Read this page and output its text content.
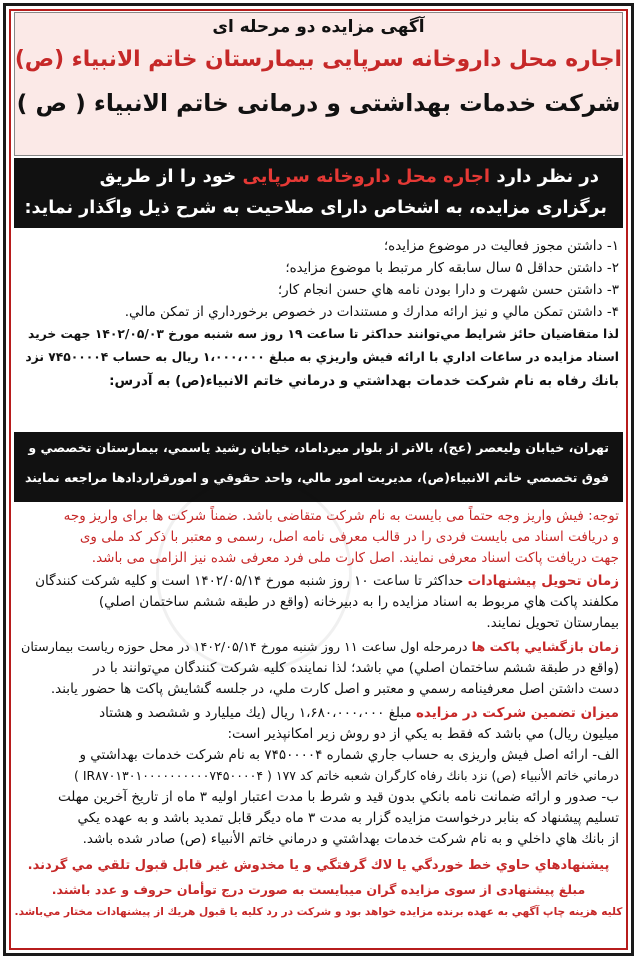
آگهی مزایده دو مرحله ای
اجاره محل داروخانه سرپایی بیمارستان خاتم الانبیاء (ص)
شرکت خدمات بهداشتی و درمانی خاتم الانبیاء ( ص )
در نظر دارد اجاره محل داروخانه سرپایی خود را از طریق
برگزاری مزایده، به اشخاص دارای صلاحیت به شرح ذیل واگذار نماید:
۱- داشتن مجوز فعالیت در موضوع مزایده؛
۲- داشتن حداقل ۵ سال سابقه کار مرتبط با موضوع مزایده؛
۳- داشتن حسن شهرت و دارا بودن نامه هاي حسن انجام كار؛
۴- داشتن تمکن مالي و نيز ارائه مدارك و مستندات در خصوص برخورداري از تمکن مالي.
لذا متقاضیان حائز شرایط مي‌توانند حداكثر تا ساعت ۱۹ روز سه شنبه مورخ ۱۴۰۲/۰۵/۰۳ جهت خريد
اسناد مزایده در ساعات اداري با ارائه فيش واريزي به مبلغ ۱،۰۰۰،۰۰۰ ريال به حساب ۷۴۵۰۰۰۰۴ نزد
بانك رفاه به نام شركت خدمات بهداشتي و درماني خاتم الانبياء(ص) به آدرس:
تهران، خيابان وليعصر (عج)، بالاتر از بلوار ميرداماد، خيابان رشيد ياسمي، بيمارستان تخصصي و
فوق تخصصي خاتم الانبياء(ص)، مديريت امور مالي، واحد حقوقي و امورقراردادها مراجعه نمايند
توجه: فیش واریز وجه حتماً می بایست به نام شرکت متقاضی باشد. ضمناً شرکت ها برای واریز وجه
و دریافت اسناد می بایست فردی را در قالب معرفی نامه اصل، رسمی و معتبر با ذکر کد ملی وی
جهت دریافت پاکت اسناد معرفی نمایند. اصل کارت ملی فرد معرفی شده نیز الزامی می باشد.
زمان تحويل پيشنهادات حداکثر تا ساعت ۱۰ روز شنبه مورخ ۱۴۰۲/۰۵/۱۴ است و کليه شرکت کنندگان
مکلفند پاکت هاي مربوط به اسناد مزايده را به دبيرخانه (واقع در طبقه ششم ساختمان اصلي)
بيمارستان تحويل نمايند.
زمان بازگشايي پاکت ها درمرحله اول ساعت ۱۱ روز شنبه مورخ ۱۴۰۲/۰۵/۱۴ در محل حوزه رياست بيمارستان
(واقع در طبقة ششم ساختمان اصلي) مي باشد؛ لذا نماينده کليه شرکت کنندگان مي‌توانند با در
دست داشتن اصل معرفينامه رسمي و معتبر و اصل کارت ملي، در جلسه گشايش پاکت ها حضور يابند.
ميزان تضمين شرکت در مزايده مبلغ ۱،۶۸۰،۰۰۰،۰۰۰ ريال (يك ميليارد و ششصد و هشتاد
ميليون ريال) مي باشد كه فقط به يكي از دو روش زير امكانپذير است:
الف- ارائه اصل فیش واریزی به حساب جاري شماره ۷۴۵۰۰۰۰۴ به نام شرکت خدمات بهداشتي و
درماني خاتم الأنبياء (ص) نزد بانك رفاه كارگران شعبه خاتم كد ۱۷۷ ( IR۸۷۰۱۳۰۱۰۰۰۰۰۰۰۰۰۰۷۴۵۰۰۰۰۴ )
ب- صدور و ارائه ضمانت نامه بانكي بدون قيد و شرط با مدت اعتبار اوليه ۳ ماه از تاريخ آخرين مهلت
تسليم پيشنهاد كه بنابر درخواست مزايده گزار به مدت ۳ ماه ديگر قابل تمديد باشد و به عهده يكي
از بانك هاي داخلي و به نام شركت خدمات بهداشتي و درماني خاتم الأنبياء (ص) صادر شده باشد.
پيشنهادهاي حاوي خط خوردگي يا لاك گرفتگي و يا مخدوش غير قابل قبول تلقي مي گردند.
مبلغ پیشنهادی از سوی مزایده گران میبایست به صورت درج توأمان حروف و عدد باشند.
كليه هزينه چاپ آگهي به عهده برنده مزايده خواهد بود و شركت در رد كليه يا قبول هريك از پيشنهادات مختار مي‌باشد.
